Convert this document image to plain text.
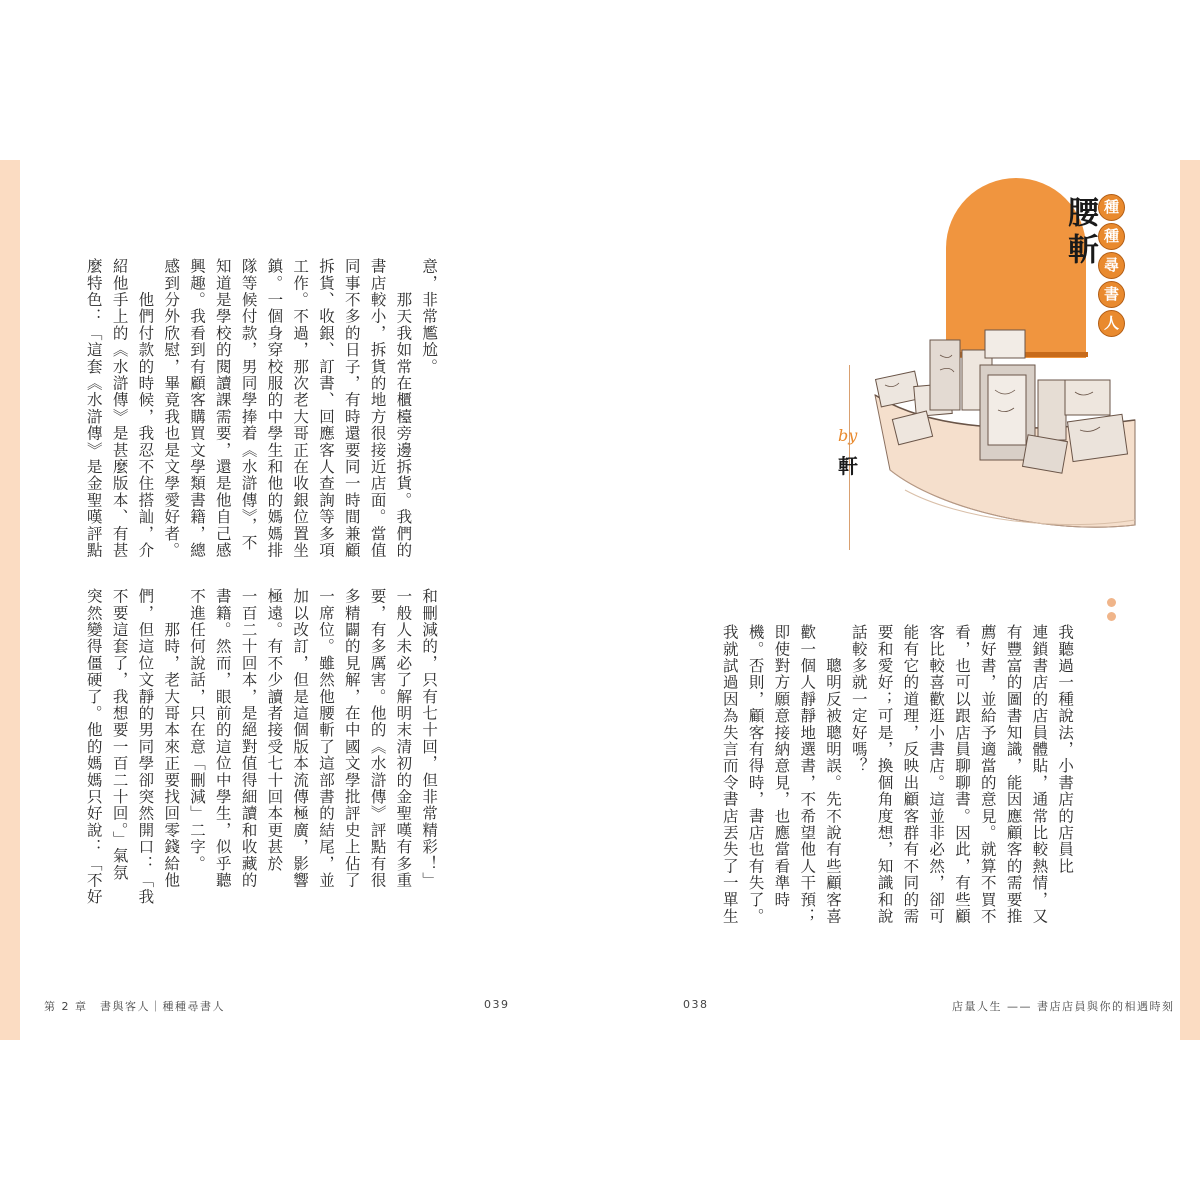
意，非常尷尬。
　　那天我如常在櫃檯旁邊拆貨。我們的
書店較小，拆貨的地方很接近店面。當值
同事不多的日子，有時還要同一時間兼顧
拆貨、收銀、訂書、回應客人查詢等多項
工作。不過，那次老大哥正在收銀位置坐
鎮。一個身穿校服的中學生和他的媽媽排
隊等候付款，男同學捧着《水滸傳》，不
知道是學校的閱讀課需要，還是他自己感
興趣。我看到有顧客購買文學類書籍，總
感到分外欣慰，畢竟我也是文學愛好者。
　　他們付款的時候，我忍不住搭訕，介
紹他手上的《水滸傳》是甚麼版本、有甚
麼特色：「這套《水滸傳》是金聖嘆評點
和刪減的，只有七十回，但非常精彩！」
一般人未必了解明末清初的金聖嘆有多重
要，有多厲害。他的《水滸傳》評點有很
多精闢的見解，在中國文學批評史上佔了
一席位。雖然他腰斬了這部書的結尾，並
加以改訂，但是這個版本流傳極廣，影響
極遠。有不少讀者接受七十回本更甚於
一百二十回本，是絕對值得細讀和收藏的
書籍。然而，眼前的這位中學生，似乎聽
不進任何說話，只在意「刪減」二字。
　　那時，老大哥本來正要找回零錢給他
們，但這位文靜的男同學卻突然開口：「我
不要這套了，我想要一百二十回。」氣氛
突然變得僵硬了。他的媽媽只好說：「不好
第 2 章　書與客人｜種種尋書人	039
腰斬 種
種
尋
書
人
by
軒
我聽過一種說法，小書店的店員比
連鎖書店的店員體貼，通常比較熱情，又
有豐富的圖書知識，能因應顧客的需要推
薦好書，並給予適當的意見。就算不買不
看，也可以跟店員聊聊書。因此，有些顧
客比較喜歡逛小書店。這並非必然，卻可
能有它的道理，反映出顧客群有不同的需
要和愛好；可是，換個角度想，知識和說
話較多就一定好嗎？
　　聰明反被聰明誤。先不說有些顧客喜
歡一個人靜靜地選書，不希望他人干預；
即使對方願意接納意見，也應當看準時
機。否則，顧客有得時，書店也有失了。
我就試過因為失言而令書店丟失了一單生
038	店量人生 —— 書店店員與你的相遇時刻
